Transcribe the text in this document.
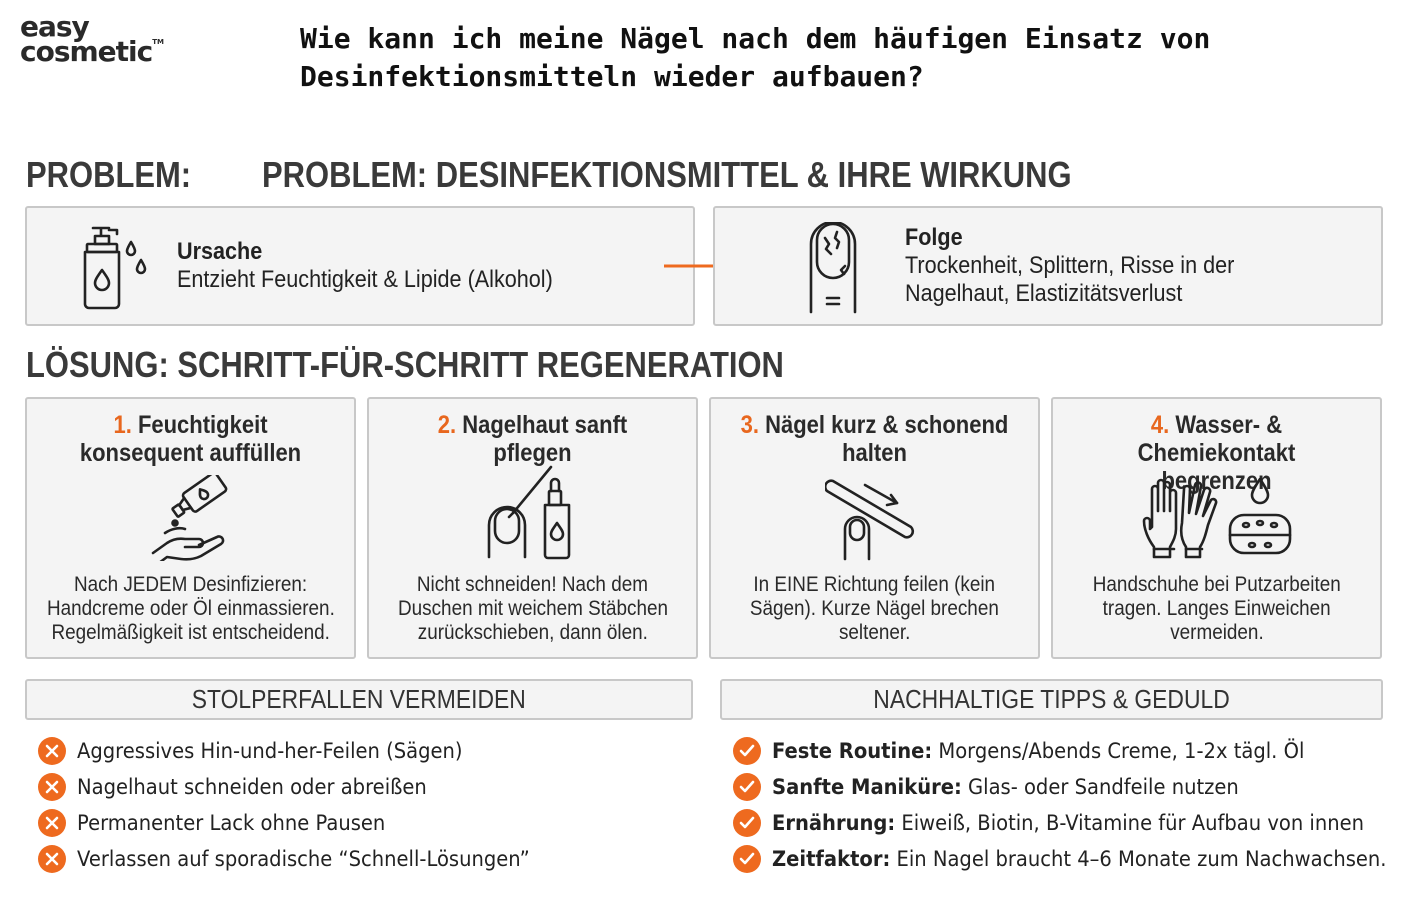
easy
cosmetic™	Wie kann ich meine Nägel nach dem häufigen Einsatz von Desinfektionsmitteln wieder aufbauen?
PROBLEM: PROBLEM: DESINFEKTIONSMITTEL & IHRE WIRKUNG
Ursache
Entzieht Feuchtigkeit & Lipide (Alkohol)
Folge
Trockenheit, Splittern, Risse in der
Nagelhaut, Elastizitätsverlust
LÖSUNG: SCHRITT-FÜR-SCHRITT REGENERATION
1. Feuchtigkeit konsequent auffüllen
Nach JEDEM Desinfizieren:
Handcreme oder Öl einmassieren.
Regelmäßigkeit ist entscheidend.
2. Nagelhaut sanft pflegen
Nicht schneiden! Nach dem
Duschen mit weichem Stäbchen
zurückschieben, dann ölen.
3. Nägel kurz & schonend halten
In EINE Richtung feilen (kein
Sägen). Kurze Nägel brechen
seltener.
4. Wasser- & Chemiekontakt begrenzen
Handschuhe bei Putzarbeiten
tragen. Langes Einweichen
vermeiden.
STOLPERFALLEN VERMEIDEN
Aggressives Hin-und-her-Feilen (Sägen)
Nagelhaut schneiden oder abreißen
Permanenter Lack ohne Pausen
Verlassen auf sporadische “Schnell-Lösungen”
NACHHALTIGE TIPPS & GEDULD
Feste Routine: Morgens/Abends Creme, 1-2x tägl. Öl
Sanfte Maniküre: Glas- oder Sandfeile nutzen
Ernährung: Eiweiß, Biotin, B-Vitamine für Aufbau von innen
Zeitfaktor: Ein Nagel braucht 4–6 Monate zum Nachwachsen.
